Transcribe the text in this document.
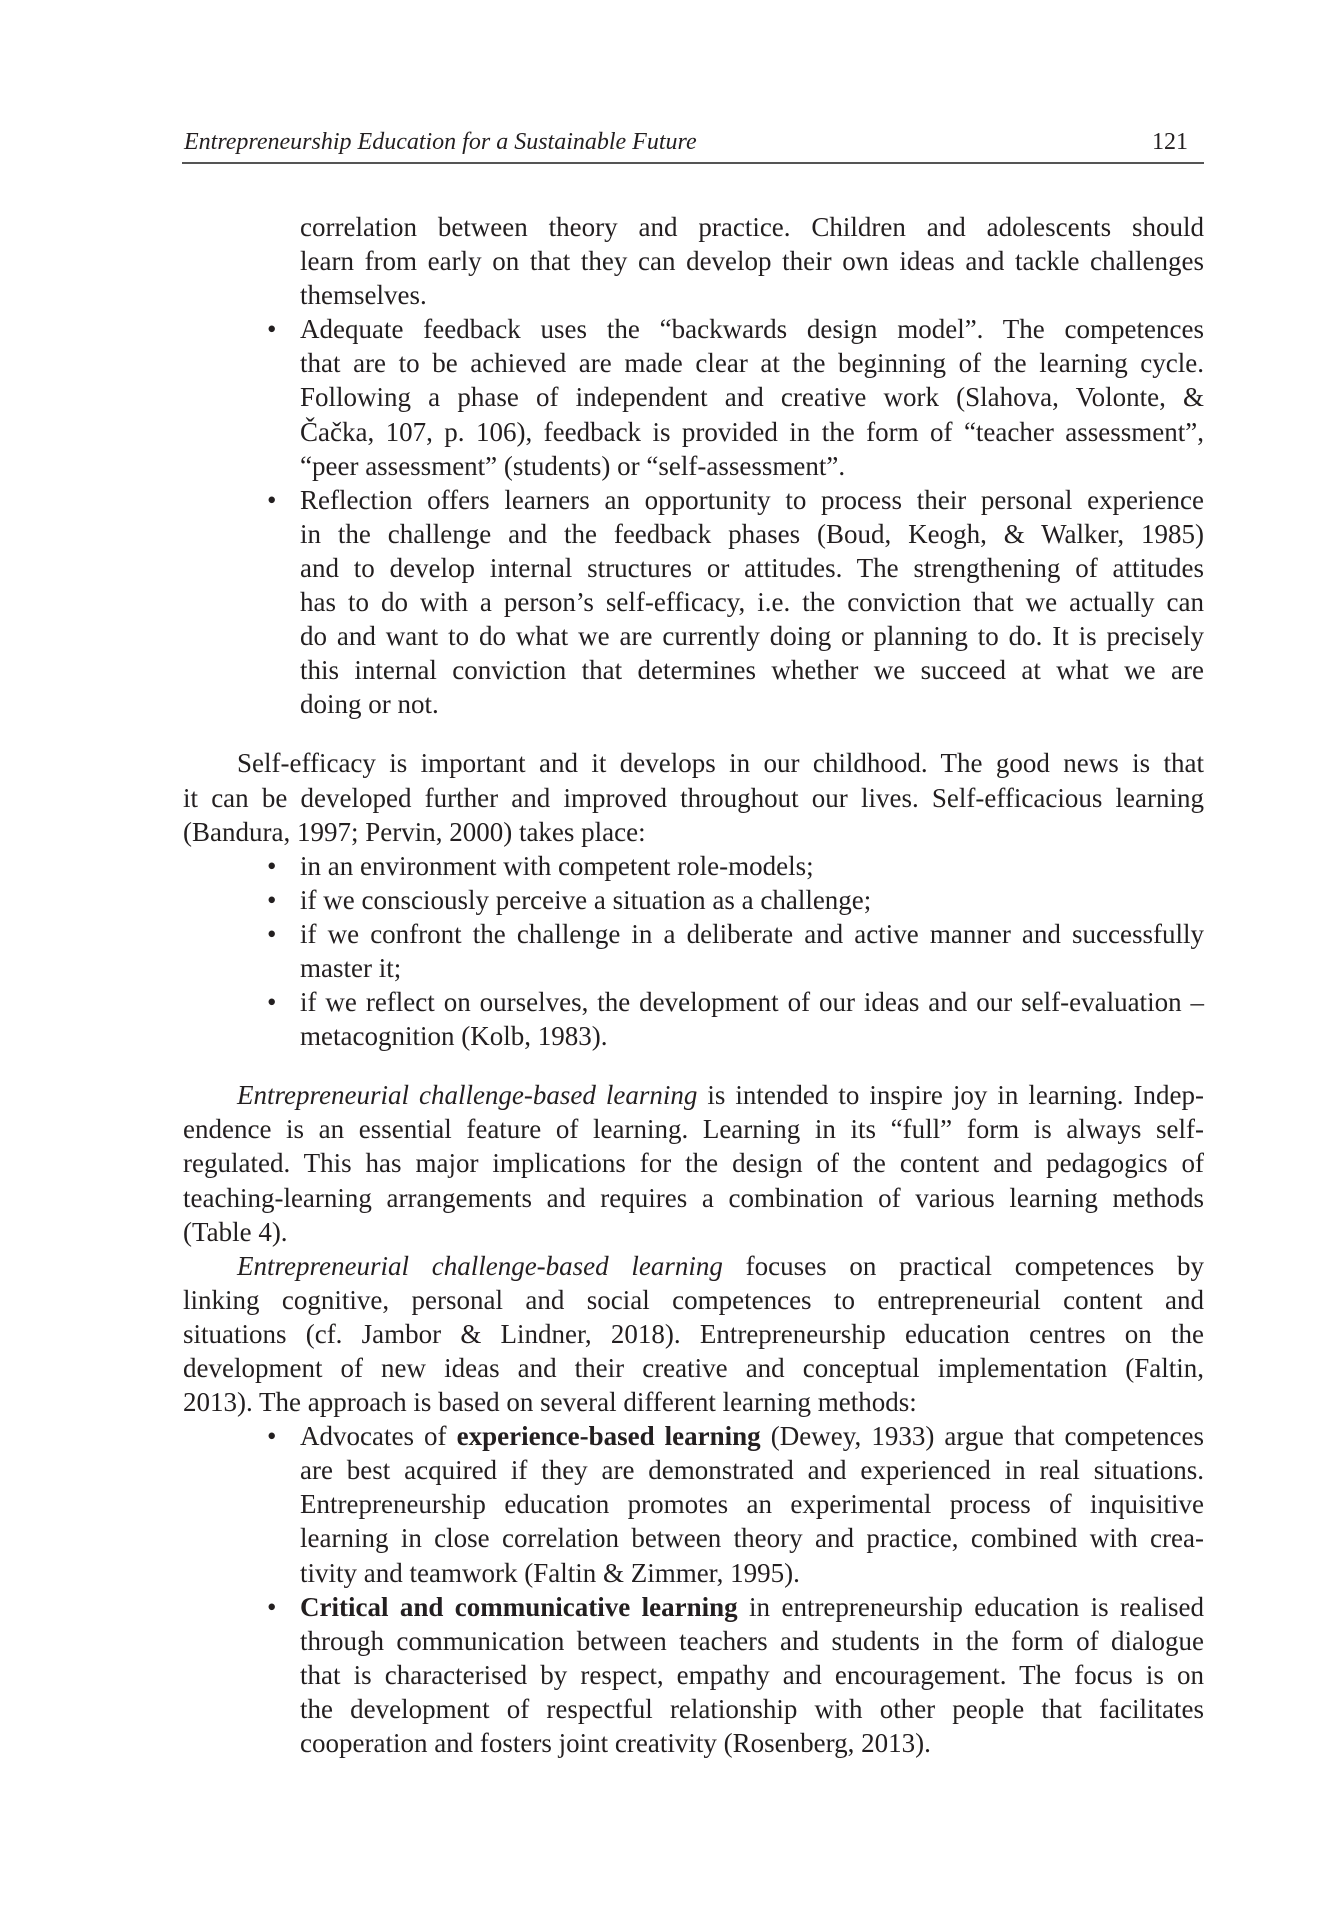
Entrepreneurship Education for a Sustainable Future	121
correlation between theory and practice. Children and adolescents should
learn from early on that they can develop their own ideas and tackle challenges
themselves.
• Adequate feedback uses the “backwards design model”. The competences
that are to be achieved are made clear at the beginning of the learning cycle.
Following a phase of independent and creative work (Slahova, Volonte, &
Čačka, 107, p. 106), feedback is provided in the form of “teacher assessment”,
“peer assessment” (students) or “self-assessment”.
• Reflection offers learners an opportunity to process their personal experience
in the challenge and the feedback phases (Boud, Keogh, & Walker, 1985)
and to develop internal structures or attitudes. The strengthening of attitudes
has to do with a person’s self-efficacy, i.e. the conviction that we actually can
do and want to do what we are currently doing or planning to do. It is precisely
this internal conviction that determines whether we succeed at what we are
doing or not.
Self-efficacy is important and it develops in our childhood. The good news is that
it can be developed further and improved throughout our lives. Self-efficacious learning
(Bandura, 1997; Pervin, 2000) takes place:
• in an environment with competent role-models;
• if we consciously perceive a situation as a challenge;
• if we confront the challenge in a deliberate and active manner and successfully
master it;
• if we reflect on ourselves, the development of our ideas and our self-evaluation –
metacognition (Kolb, 1983).
Entrepreneurial challenge-based learning is intended to inspire joy in learning. Indep-
endence is an essential feature of learning. Learning in its “full” form is always self-
regulated. This has major implications for the design of the content and pedagogics of
teaching-learning arrangements and requires a combination of various learning methods
(Table 4).
Entrepreneurial challenge-based learning focuses on practical competences by
linking cognitive, personal and social competences to entrepreneurial content and
situations (cf. Jambor & Lindner, 2018). Entrepreneurship education centres on the
development of new ideas and their creative and conceptual implementation (Faltin,
2013). The approach is based on several different learning methods:
• Advocates of experience-based learning (Dewey, 1933) argue that competences
are best acquired if they are demonstrated and experienced in real situations.
Entrepreneurship education promotes an experimental process of inquisitive
learning in close correlation between theory and practice, combined with crea-
tivity and teamwork (Faltin & Zimmer, 1995).
• Critical and communicative learning in entrepreneurship education is realised
through communication between teachers and students in the form of dialogue
that is characterised by respect, empathy and encouragement. The focus is on
the development of respectful relationship with other people that facilitates
cooperation and fosters joint creativity (Rosenberg, 2013).
